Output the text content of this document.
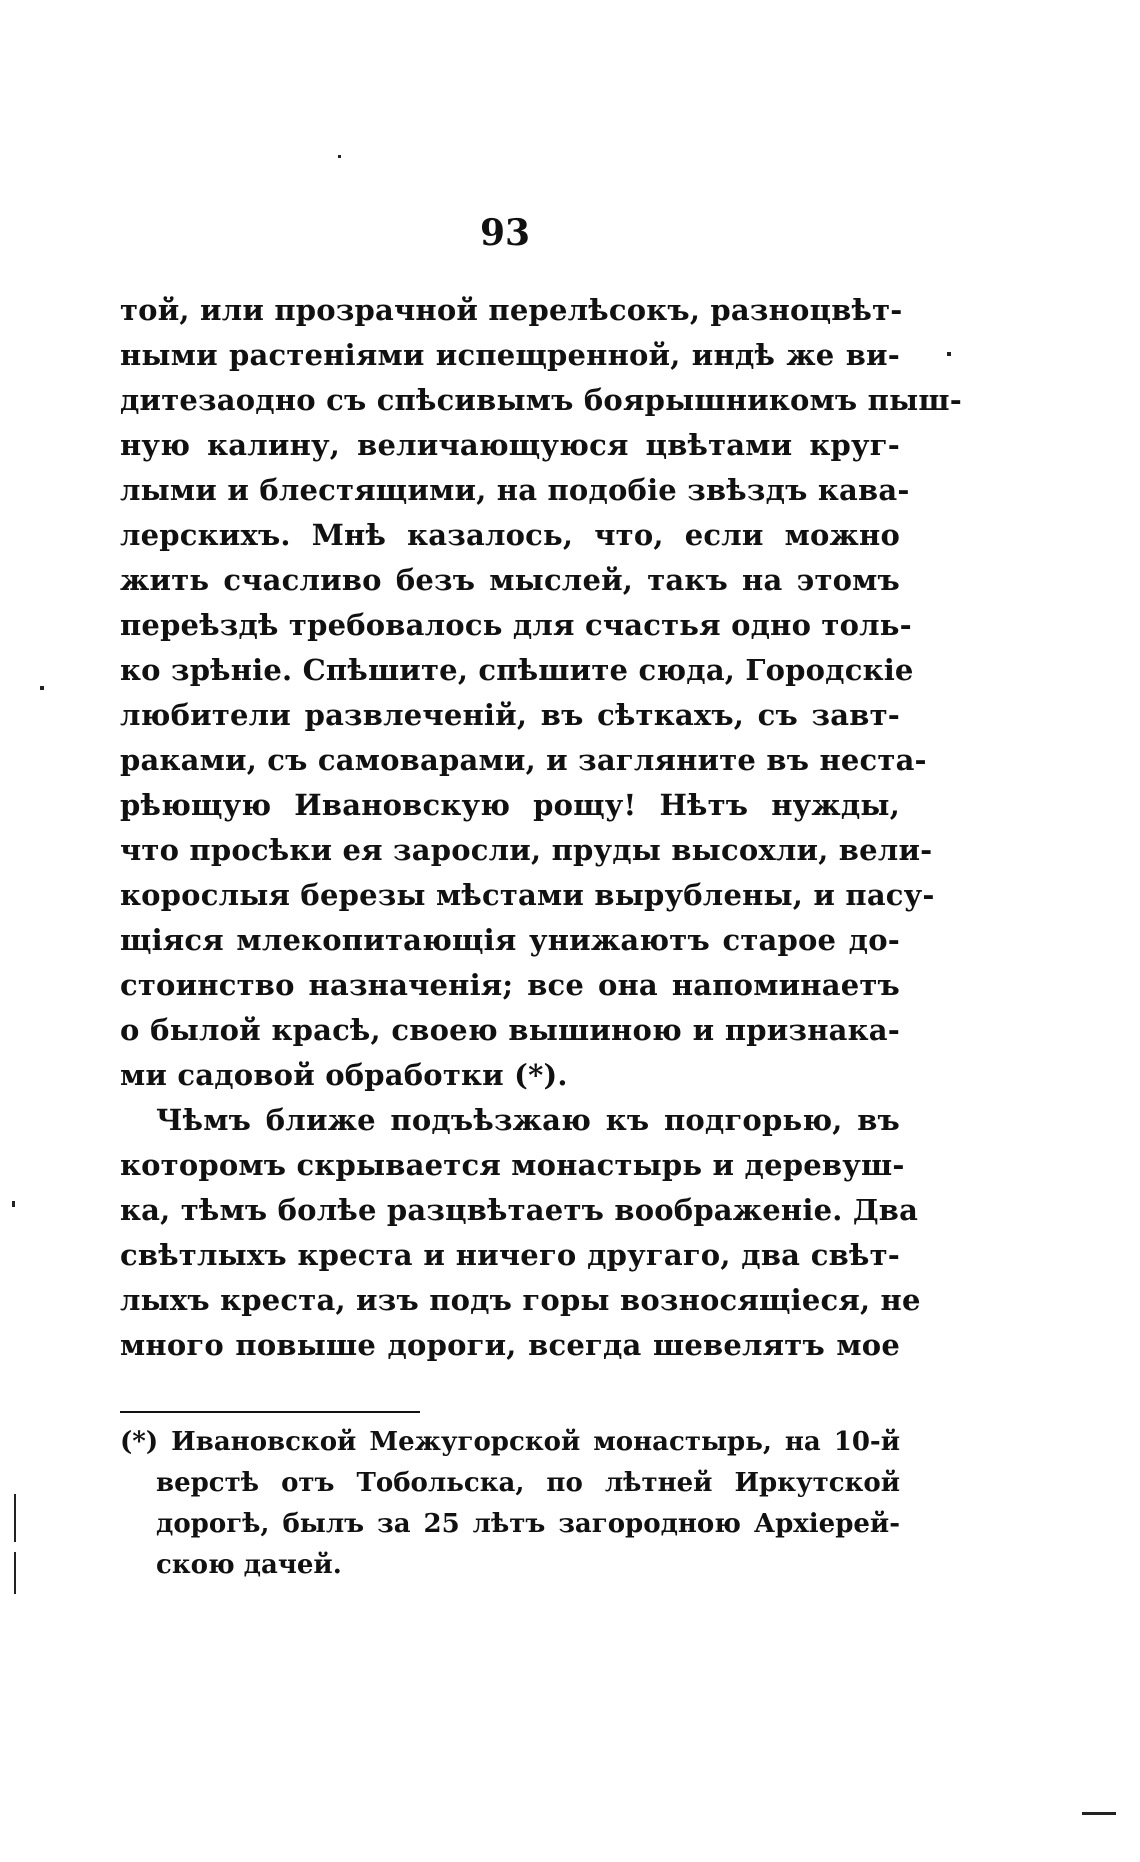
93
той, или прозрачной перелѣсокъ, разноцвѣт-
ными растеніями испещренной, индѣ же ви-
дитезаодно съ спѣсивымъ боярышникомъ пыш-
ную калину, величающуюся цвѣтами круг-
лыми и блестящими, на подобіе звѣздъ кава-
лерскихъ. Мнѣ казалось, что, если можно
жить счасливо безъ мыслей, такъ на этомъ
переѣздѣ требовалось для счастья одно толь-
ко зрѣніе. Спѣшите, спѣшите сюда, Городскіе
любители развлеченій, въ сѣткахъ, съ завт-
раками, съ самоварами, и загляните въ неста-
рѣющую Ивановскую рощу! Нѣтъ нужды,
что просѣки ея заросли, пруды высохли, вели-
корослыя березы мѣстами вырублены, и пасу-
щіяся млекопитающія унижаютъ старое до-
стоинство назначенія; все она напоминаетъ
о былой красѣ, своею вышиною и признака-
ми садовой обработки (*).
Чѣмъ ближе подъѣзжаю къ подгорью, въ
которомъ скрывается монастырь и деревуш-
ка, тѣмъ болѣе разцвѣтаетъ воображеніе. Два
свѣтлыхъ креста и ничего другаго, два свѣт-
лыхъ креста, изъ подъ горы возносящіеся, не
много повыше дороги, всегда шевелятъ мое
(*) Ивановской Межугорской монастырь, на 10-й
верстѣ отъ Тобольска, по лѣтней Иркутской
дорогѣ, былъ за 25 лѣтъ загородною Архіерей-
скою дачей.
